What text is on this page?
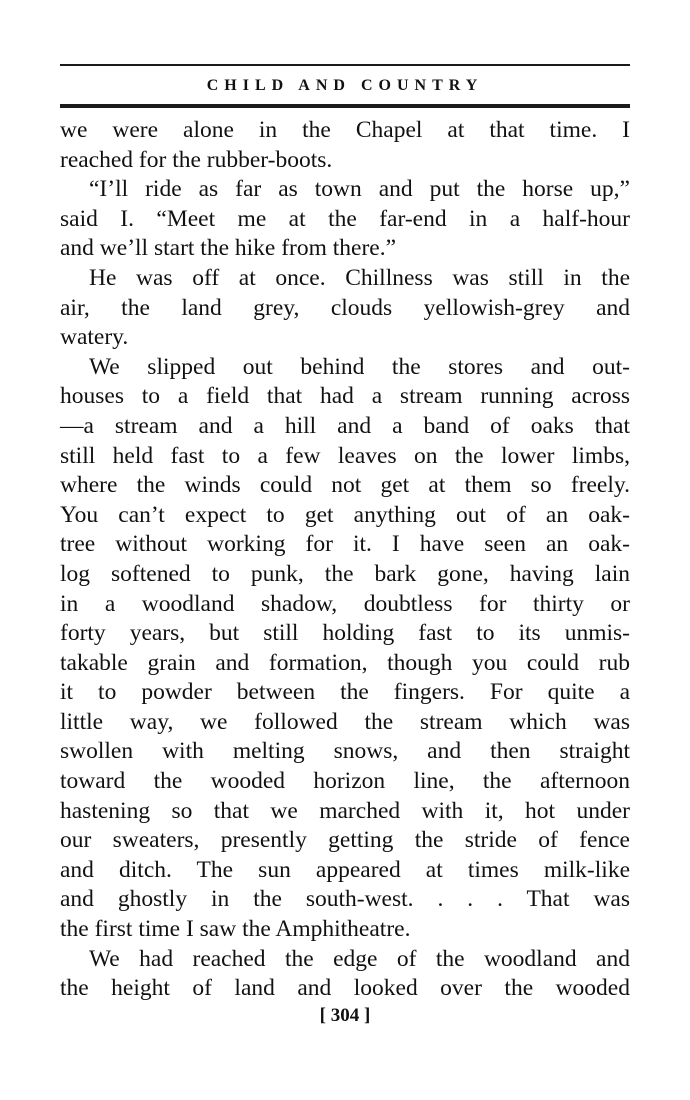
CHILD AND COUNTRY

we were alone in the Chapel at that time. I

reached for the rubber-boots.

“I’ll ride as far as town and put the horse up,”

said I. “Meet me at the far-end in a half-hour

and we’ll start the hike from there.”

He was off at once. Chillness was still in the

air, the land grey, clouds yellowish-grey and

watery.

We slipped out behind the stores and out-

houses to a field that had a stream running across

—a stream and a hill and a band of oaks that

still held fast to a few leaves on the lower limbs,

where the winds could not get at them so freely.

You can’t expect to get anything out of an oak-

tree without working for it. I have seen an oak-

log softened to punk, the bark gone, having lain

in a woodland shadow, doubtless for thirty or

forty years, but still holding fast to its unmis-

takable grain and formation, though you could rub

it to powder between the fingers. For quite a

little way, we followed the stream which was

swollen with melting snows, and then straight

toward the wooded horizon line, the afternoon

hastening so that we marched with it, hot under

our sweaters, presently getting the stride of fence

and ditch. The sun appeared at times milk-like

and ghostly in the south-west. . . . That was

the first time I saw the Amphitheatre.

We had reached the edge of the woodland and

the height of land and looked over the wooded

[ 304 ]
